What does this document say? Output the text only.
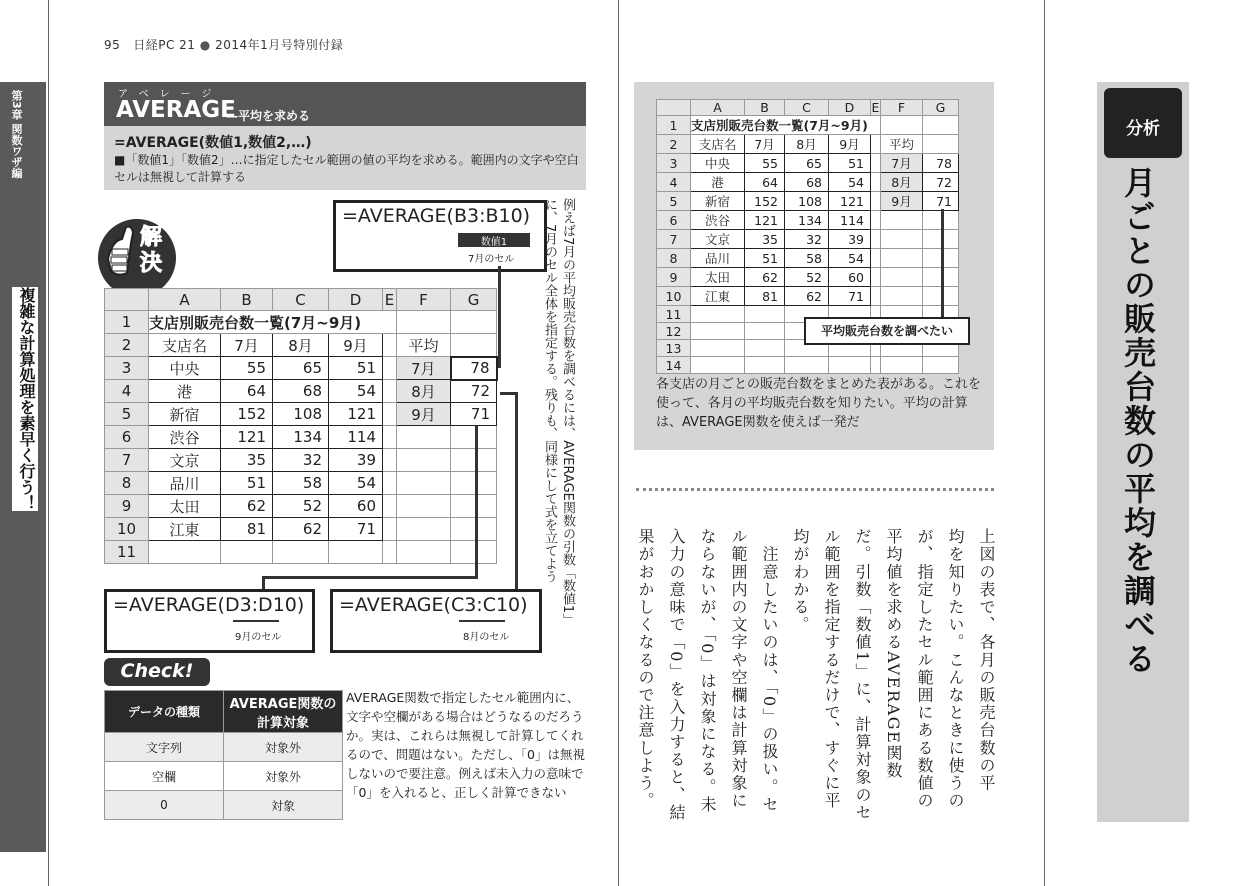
第3章 関数ワザ編
複雑な計算処理を素早く行う！
95 日経PC 21 ● 2014年1月号特別付録
アベレージ
AVERAGE
—平均を求める
=AVERAGE(数値1,数値2,…)
■「数値1」「数値2」…に指定したセル範囲の値の平均を求める。範囲内の文字や空白セルは無視して計算する
解決
=AVERAGE(B3:B10)
数値1
7月のセル
	A	B	C	D	E	F	G
1	支店別販売台数一覧(7月~9月)						
2	支店名	7月	8月	9月		平均	
3	中央	55	65	51		7月	78
4	港	64	68	54		8月	72
5	新宿	152	108	121		9月	71
6	渋谷	121	134	114			
7	文京	35	32	39			
8	品川	51	58	54			
9	太田	62	52	60			
10	江東	81	62	71			
11							
=AVERAGE(D3:D10)
9月のセル
=AVERAGE(C3:C10)
8月のセル
例えば7月の平均販売台数を調べるには、AVERAGE関数の引数「数値1」に、7月のセル全体を指定する。残りも、同様にして式を立てよう
Check!
データの種類	AVERAGE関数の計算対象
文字列	対象外
空欄	対象外
0	対象
AVERAGE関数で指定したセル範囲内に、文字や空欄がある場合はどうなるのだろうか。実は、これらは無視して計算してくれるので、問題はない。ただし、「0」は無視しないので要注意。例えば未入力の意味で「0」を入れると、正しく計算できない
	A	B	C	D	E	F	G
1	支店別販売台数一覧(7月~9月)						
2	支店名	7月	8月	9月		平均	
3	中央	55	65	51		7月	78
4	港	64	68	54		8月	72
5	新宿	152	108	121		9月	71
6	渋谷	121	134	114			
7	文京	35	32	39			
8	品川	51	58	54			
9	太田	62	52	60			
10	江東	81	62	71			
11							
12							
13							
14							
平均販売台数を調べたい
各支店の月ごとの販売台数をまとめた表がある。これを使って、各月の平均販売台数を知りたい。平均の計算は、AVERAGE関数を使えば一発だ
上図の表で、各月の販売台数の平
均を知りたい。こんなときに使うの
が、指定したセル範囲にある数値の
平均値を求めるAVERAGE関数
だ。引数「数値1」に、計算対象のセ
ル範囲を指定するだけで、すぐに平
均がわかる。
　注意したいのは、「0」の扱い。セ
ル範囲内の文字や空欄は計算対象に
ならないが、「0」は対象になる。未
入力の意味で「0」を入力すると、結
果がおかしくなるので注意しよう。
分析
月ごとの販売台数の平均を調べる
